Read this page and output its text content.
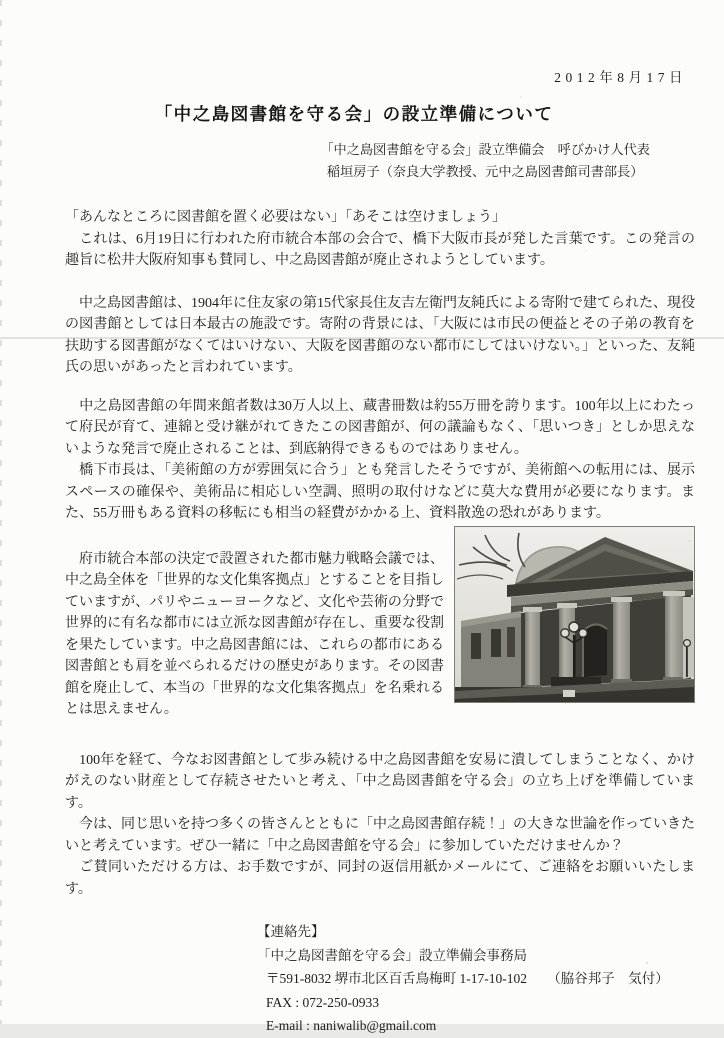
2012年8月17日
「中之島図書館を守る会」の設立準備について
「中之島図書館を守る会」設立準備会　呼びかけ人代表
稲垣房子（奈良大学教授、元中之島図書館司書部長）

「あんなところに図書館を置く必要はない」「あそこは空けましょう」

　これは、6月19日に行われた府市統合本部の会合で、橋下大阪市長が発した言葉です。この発言の趣旨に松井大阪府知事も賛同し、中之島図書館が廃止されようとしています。

　中之島図書館は、1904年に住友家の第15代家長住友吉左衛門友純氏による寄附で建てられた、現役の図書館としては日本最古の施設です。寄附の背景には、「大阪には市民の便益とその子弟の教育を扶助する図書館がなくてはいけない、大阪を図書館のない都市にしてはいけない。」といった、友純氏の思いがあったと言われています。

　中之島図書館の年間来館者数は30万人以上、蔵書冊数は約55万冊を誇ります。100年以上にわたって府民が育て、連綿と受け継がれてきたこの図書館が、何の議論もなく、「思いつき」としか思えないような発言で廃止されることは、到底納得できるものではありません。

　橋下市長は、「美術館の方が雰囲気に合う」とも発言したそうですが、美術館への転用には、展示スペースの確保や、美術品に相応しい空調、照明の取付けなどに莫大な費用が必要になります。また、55万冊もある資料の移転にも相当の経費がかかる上、資料散逸の恐れがあります。

　府市統合本部の決定で設置された都市魅力戦略会議では、中之島全体を「世界的な文化集客拠点」とすることを目指していますが、パリやニューヨークなど、文化や芸術の分野で世界的に有名な都市には立派な図書館が存在し、重要な役割を果たしています。中之島図書館には、これらの都市にある図書館とも肩を並べられるだけの歴史があります。その図書館を廃止して、本当の「世界的な文化集客拠点」を名乗れるとは思えません。

　100年を経て、今なお図書館として歩み続ける中之島図書館を安易に潰してしまうことなく、かけがえのない財産として存続させたいと考え、「中之島図書館を守る会」の立ち上げを準備しています。

　今は、同じ思いを持つ多くの皆さんとともに「中之島図書館存続！」の大きな世論を作っていきたいと考えています。ぜひ一緒に「中之島図書館を守る会」に参加していただけませんか？

　ご賛同いただける方は、お手数ですが、同封の返信用紙かメールにて、ご連絡をお願いいたします。

【連絡先】
「中之島図書館を守る会」設立準備会事務局
〒591-8032 堺市北区百舌鳥梅町 1-17-10-102　　（脇谷邦子　気付）
FAX : 072-250-0933
E-mail : naniwalib@gmail.com
